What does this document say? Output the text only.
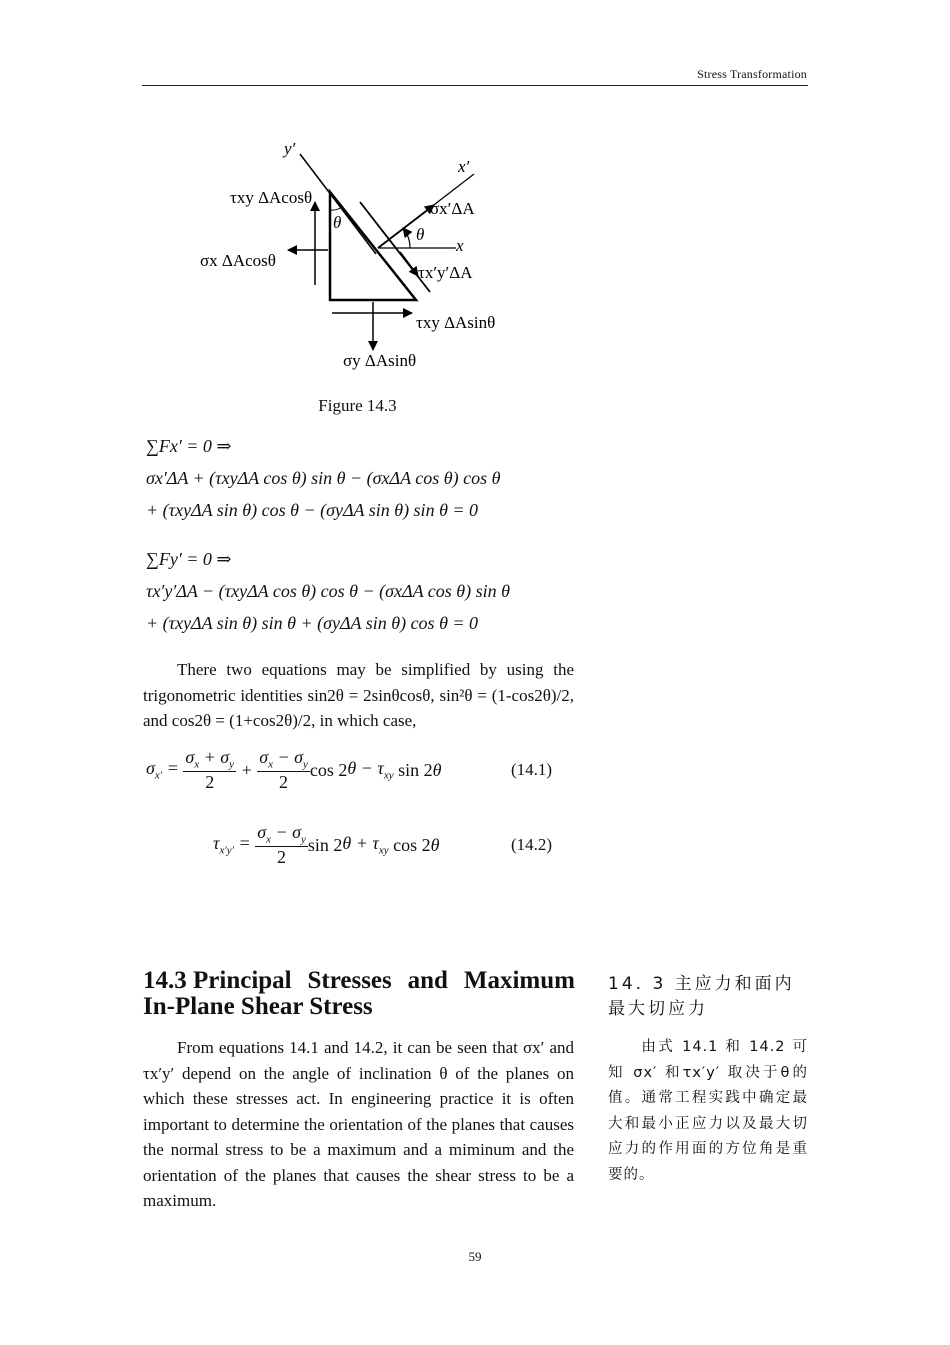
Stress Transformation
y′
x′
x
θ
θ
τxy ΔAcosθ
σx ΔAcosθ
σx′ΔA
τx′y′ΔA
τxy ΔAsinθ
σy ΔAsinθ
Figure 14.3
∑Fx′ = 0 ⇒
σx′ΔA + (τxyΔA cos θ) sin θ − (σxΔA cos θ) cos θ
+ (τxyΔA sin θ) cos θ − (σyΔA sin θ) sin θ = 0
∑Fy′ = 0 ⇒
τx′y′ΔA − (τxyΔA cos θ) cos θ − (σxΔA cos θ) sin θ
+ (τxyΔA sin θ) sin θ + (σyΔA sin θ) cos θ = 0
There two equations may be simplified by using the trigonometric identities sin2θ = 2sinθcosθ, sin²θ = (1-cos2θ)/2, and cos2θ = (1+cos2θ)/2, in which case,
$\sigma_{x'} = \frac{\sigma_x + \sigma_y}{2} + \frac{\sigma_x - \sigma_y}{2}$ cos 2 $\theta - \tau_{xy}$ sin 2 θ	(14.1)
$\tau_{x'y'} = \frac{\sigma_x - \sigma_y}{2}$ sin 2 $\theta + \tau_{xy}$ cos 2 θ	(14.2)
14.3 Principal Stresses and Maximum
In-Plane Shear Stress
From equations 14.1 and 14.2, it can be seen that σx′ and τx′y′ depend on the angle of inclination θ of the planes on which these stresses act. In engineering practice it is often important to determine the orientation of the planes that causes the normal stress to be a maximum and a miminum and the orientation of the planes that causes the shear stress to be a maximum.
14. 3 主应力和面内最大切应力
由式 14.1 和 14.2 可知 σx′ 和τx′y′ 取决于θ的值。通常工程实践中确定最大和最小正应力以及最大切应力的作用面的方位角是重要的。
59
